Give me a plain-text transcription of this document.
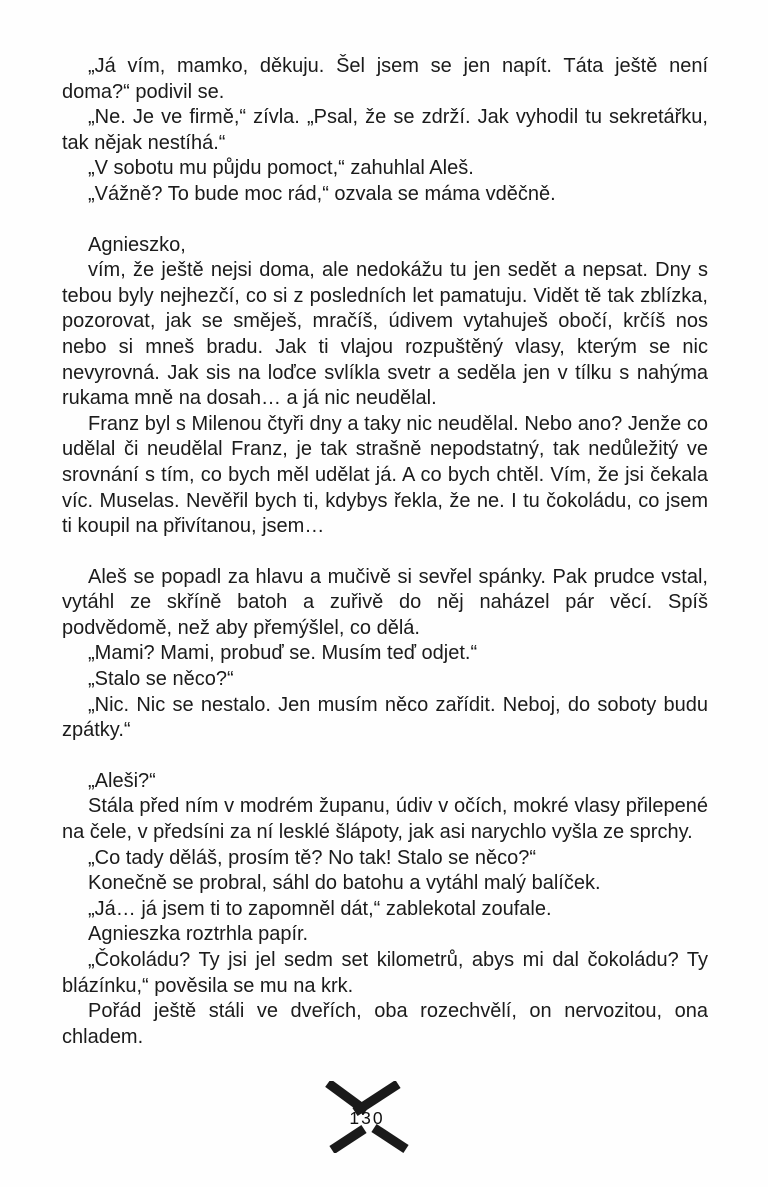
„Já vím, mamko, děkuju. Šel jsem se jen napít. Táta ještě není doma?“ podivil se.

„Ne. Je ve firmě,“ zívla. „Psal, že se zdrží. Jak vyhodil tu sekretářku, tak nějak nestíhá.“

„V sobotu mu půjdu pomoct,“ zahuhlal Aleš.

„Vážně? To bude moc rád,“ ozvala se máma vděčně.

Agnieszko,

vím, že ještě nejsi doma, ale nedokážu tu jen sedět a nepsat. Dny s tebou byly nejhezčí, co si z posledních let pamatuju. Vidět tě tak zblízka, pozorovat, jak se směješ, mračíš, údivem vytahuješ obočí, krčíš nos nebo si mneš bradu. Jak ti vlajou rozpuštěný vlasy, kterým se nic nevyrovná. Jak sis na loďce svlíkla svetr a seděla jen v tílku s nahýma rukama mně na dosah… a já nic neudělal.

Franz byl s Milenou čtyři dny a taky nic neudělal. Nebo ano? Jenže co udělal či neudělal Franz, je tak strašně nepodstatný, tak nedůležitý ve srovnání s tím, co bych měl udělat já. A co bych chtěl. Vím, že jsi čekala víc. Muselas. Nevěřil bych ti, kdybys řekla, že ne. I tu čokoládu, co jsem ti koupil na přivítanou, jsem…

Aleš se popadl za hlavu a mučivě si sevřel spánky. Pak prudce vstal, vytáhl ze skříně batoh a zuřivě do něj naházel pár věcí. Spíš podvědomě, než aby přemýšlel, co dělá.

„Mami? Mami, probuď se. Musím teď odjet.“

„Stalo se něco?“

„Nic. Nic se nestalo. Jen musím něco zařídit. Neboj, do soboty budu zpátky.“

„Aleši?“

Stála před ním v modrém županu, údiv v očích, mokré vlasy přilepené na čele, v předsíni za ní lesklé šlápoty, jak asi narychlo vyšla ze sprchy.

„Co tady děláš, prosím tě? No tak! Stalo se něco?“

Konečně se probral, sáhl do batohu a vytáhl malý balíček.

„Já… já jsem ti to zapomněl dát,“ zablekotal zoufale.

Agnieszka roztrhla papír.

„Čokoládu? Ty jsi jel sedm set kilometrů, abys mi dal čokoládu? Ty blázínku,“ pověsila se mu na krk.

Pořád ještě stáli ve dveřích, oba rozechvělí, on nervozitou, ona chladem.

130
